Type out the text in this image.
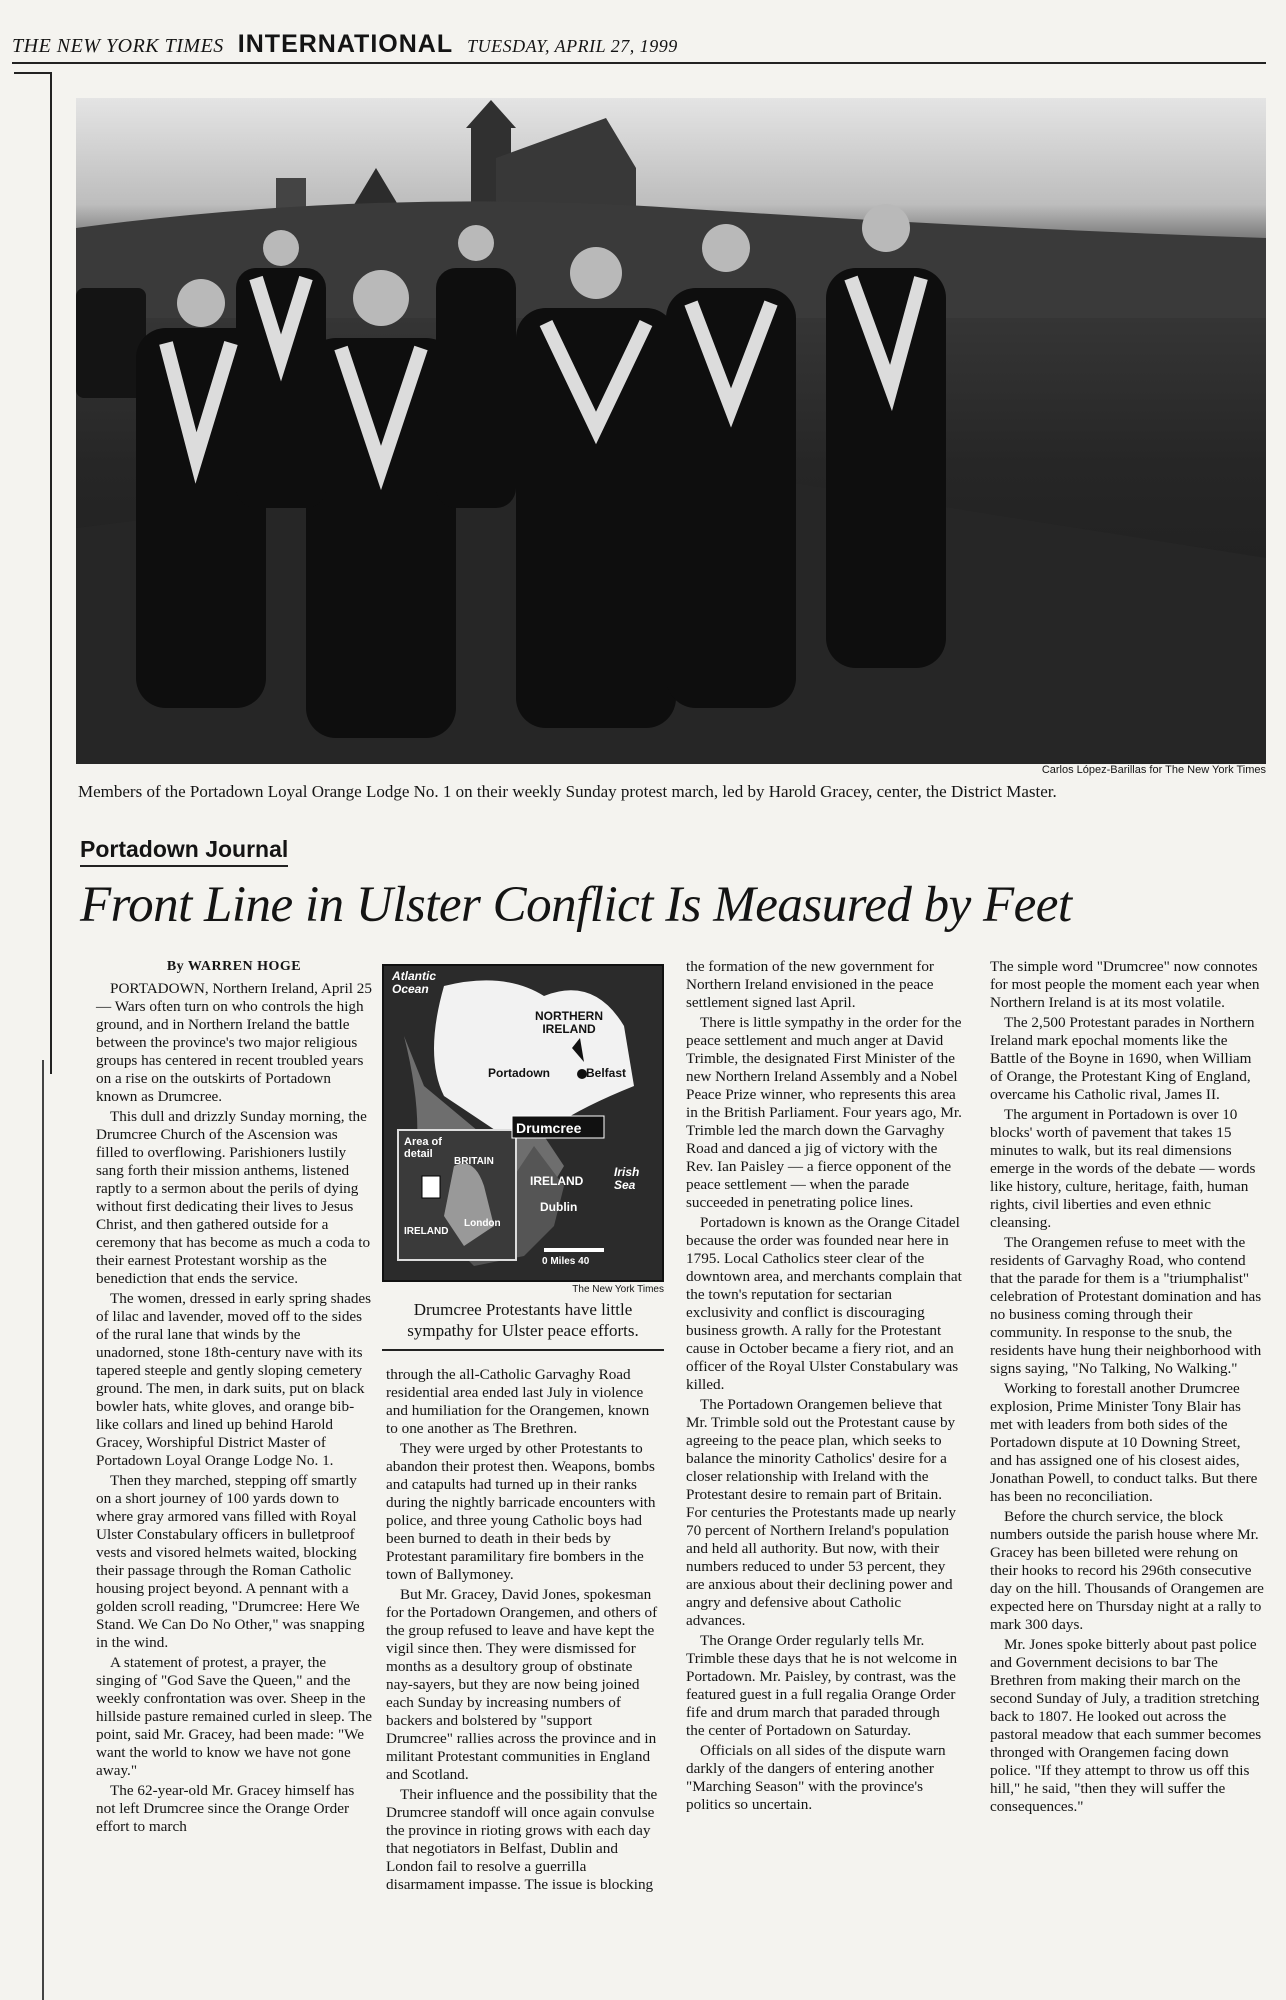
THE NEW YORK TIMES INTERNATIONAL TUESDAY, APRIL 27, 1999
Carlos López-Barillas for The New York Times
Members of the Portadown Loyal Orange Lodge No. 1 on their weekly Sunday protest march, led by Harold Gracey, center, the District Master.
Portadown Journal
Front Line in Ulster Conflict Is Measured by Feet
By WARREN HOGE

PORTADOWN, Northern Ireland, April 25 — Wars often turn on who controls the high ground, and in Northern Ireland the battle between the province's two major religious groups has centered in recent troubled years on a rise on the outskirts of Portadown known as Drumcree.

This dull and drizzly Sunday morning, the Drumcree Church of the Ascension was filled to overflowing. Parishioners lustily sang forth their mission anthems, listened raptly to a sermon about the perils of dying without first dedicating their lives to Jesus Christ, and then gathered outside for a ceremony that has become as much a coda to their earnest Protestant worship as the benediction that ends the service.

The women, dressed in early spring shades of lilac and lavender, moved off to the sides of the rural lane that winds by the unadorned, stone 18th-century nave with its tapered steeple and gently sloping cemetery ground. The men, in dark suits, put on black bowler hats, white gloves, and orange bib-like collars and lined up behind Harold Gracey, Worshipful District Master of Portadown Loyal Orange Lodge No. 1.

Then they marched, stepping off smartly on a short journey of 100 yards down to where gray armored vans filled with Royal Ulster Constabulary officers in bulletproof vests and visored helmets waited, blocking their passage through the Roman Catholic housing project beyond. A pennant with a golden scroll reading, "Drumcree: Here We Stand. We Can Do No Other," was snapping in the wind.

A statement of protest, a prayer, the singing of "God Save the Queen," and the weekly confrontation was over. Sheep in the hillside pasture remained curled in sleep. The point, said Mr. Gracey, had been made: "We want the world to know we have not gone away."

The 62-year-old Mr. Gracey himself has not left Drumcree since the Orange Order effort to march

Atlantic Ocean
NORTHERN IRELAND
Portadown	Belfast
Drumcree
Area of detail
BRITAIN
IRELAND
London
IRELAND
Dublin
Irish Sea
0 Miles 40
The New York Times
Drumcree Protestants have little sympathy for Ulster peace efforts.

through the all-Catholic Garvaghy Road residential area ended last July in violence and humiliation for the Orangemen, known to one another as The Brethren.

They were urged by other Protestants to abandon their protest then. Weapons, bombs and catapults had turned up in their ranks during the nightly barricade encounters with police, and three young Catholic boys had been burned to death in their beds by Protestant paramilitary fire bombers in the town of Ballymoney.

But Mr. Gracey, David Jones, spokesman for the Portadown Orangemen, and others of the group refused to leave and have kept the vigil since then. They were dismissed for months as a desultory group of obstinate nay-sayers, but they are now being joined each Sunday by increasing numbers of backers and bolstered by "support Drumcree" rallies across the province and in militant Protestant communities in England and Scotland.

Their influence and the possibility that the Drumcree standoff will once again convulse the province in rioting grows with each day that negotiators in Belfast, Dublin and London fail to resolve a guerrilla disarmament impasse. The issue is blocking

the formation of the new government for Northern Ireland envisioned in the peace settlement signed last April.

There is little sympathy in the order for the peace settlement and much anger at David Trimble, the designated First Minister of the new Northern Ireland Assembly and a Nobel Peace Prize winner, who represents this area in the British Parliament. Four years ago, Mr. Trimble led the march down the Garvaghy Road and danced a jig of victory with the Rev. Ian Paisley — a fierce opponent of the peace settlement — when the parade succeeded in penetrating police lines.

Portadown is known as the Orange Citadel because the order was founded near here in 1795. Local Catholics steer clear of the downtown area, and merchants complain that the town's reputation for sectarian exclusivity and conflict is discouraging business growth. A rally for the Protestant cause in October became a fiery riot, and an officer of the Royal Ulster Constabulary was killed.

The Portadown Orangemen believe that Mr. Trimble sold out the Protestant cause by agreeing to the peace plan, which seeks to balance the minority Catholics' desire for a closer relationship with Ireland with the Protestant desire to remain part of Britain. For centuries the Protestants made up nearly 70 percent of Northern Ireland's population and held all authority. But now, with their numbers reduced to under 53 percent, they are anxious about their declining power and angry and defensive about Catholic advances.

The Orange Order regularly tells Mr. Trimble these days that he is not welcome in Portadown. Mr. Paisley, by contrast, was the featured guest in a full regalia Orange Order fife and drum march that paraded through the center of Portadown on Saturday.

Officials on all sides of the dispute warn darkly of the dangers of entering another "Marching Season" with the province's politics so uncertain.

The simple word "Drumcree" now connotes for most people the moment each year when Northern Ireland is at its most volatile.

The 2,500 Protestant parades in Northern Ireland mark epochal moments like the Battle of the Boyne in 1690, when William of Orange, the Protestant King of England, overcame his Catholic rival, James II.

The argument in Portadown is over 10 blocks' worth of pavement that takes 15 minutes to walk, but its real dimensions emerge in the words of the debate — words like history, culture, heritage, faith, human rights, civil liberties and even ethnic cleansing.

The Orangemen refuse to meet with the residents of Garvaghy Road, who contend that the parade for them is a "triumphalist" celebration of Protestant domination and has no business coming through their community. In response to the snub, the residents have hung their neighborhood with signs saying, "No Talking, No Walking."

Working to forestall another Drumcree explosion, Prime Minister Tony Blair has met with leaders from both sides of the Portadown dispute at 10 Downing Street, and has assigned one of his closest aides, Jonathan Powell, to conduct talks. But there has been no reconciliation.

Before the church service, the block numbers outside the parish house where Mr. Gracey has been billeted were rehung on their hooks to record his 296th consecutive day on the hill. Thousands of Orangemen are expected here on Thursday night at a rally to mark 300 days.

Mr. Jones spoke bitterly about past police and Government decisions to bar The Brethren from making their march on the second Sunday of July, a tradition stretching back to 1807. He looked out across the pastoral meadow that each summer becomes thronged with Orangemen facing down police. "If they attempt to throw us off this hill," he said, "then they will suffer the consequences."
